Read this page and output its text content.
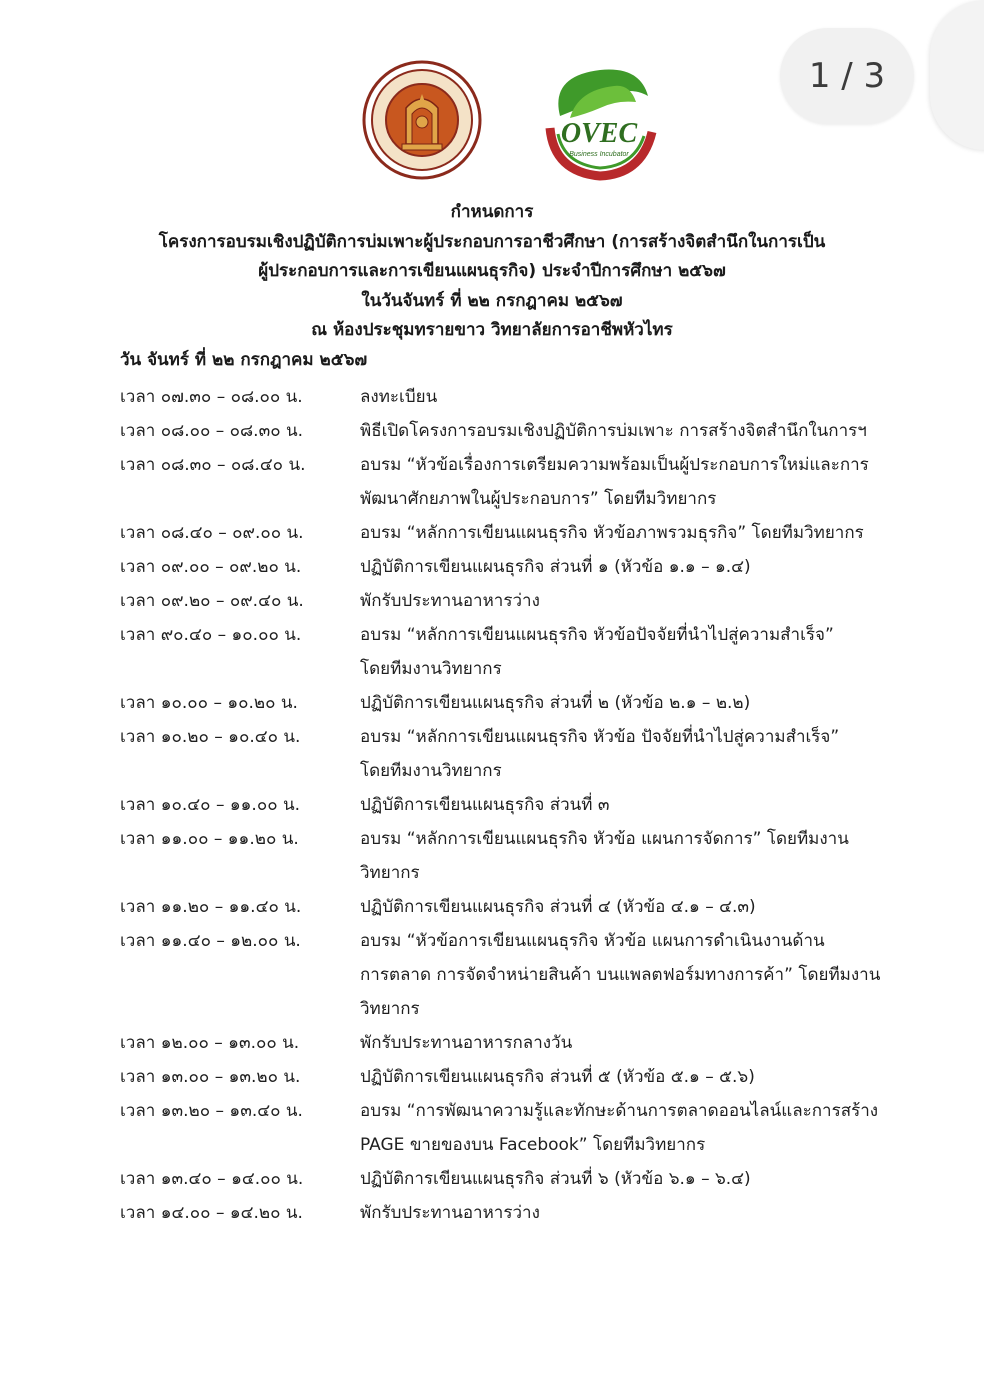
1 / 3
OVEC
Business Incubator
กำหนดการ
โครงการอบรมเชิงปฏิบัติการบ่มเพาะผู้ประกอบการอาชีวศึกษา (การสร้างจิตสำนึกในการเป็น
ผู้ประกอบการและการเขียนแผนธุรกิจ) ประจำปีการศึกษา ๒๕๖๗
ในวันจันทร์ ที่ ๒๒ กรกฎาคม ๒๕๖๗
ณ ห้องประชุมทรายขาว วิทยาลัยการอาชีพหัวไทร
วัน จันทร์ ที่ ๒๒ กรกฎาคม ๒๕๖๗
เวลา ๐๗.๓๐ – ๐๘.๐๐ น.	ลงทะเบียน
เวลา ๐๘.๐๐ – ๐๘.๓๐ น.	พิธีเปิดโครงการอบรมเชิงปฏิบัติการบ่มเพาะ การสร้างจิตสำนึกในการฯ
เวลา ๐๘.๓๐ – ๐๘.๔๐ น.	อบรม “หัวข้อเรื่องการเตรียมความพร้อมเป็นผู้ประกอบการใหม่และการ
พัฒนาศักยภาพในผู้ประกอบการ” โดยทีมวิทยากร
เวลา ๐๘.๔๐ – ๐๙.๐๐ น.	อบรม “หลักการเขียนแผนธุรกิจ หัวข้อภาพรวมธุรกิจ” โดยทีมวิทยากร
เวลา ๐๙.๐๐ – ๐๙.๒๐ น.	ปฏิบัติการเขียนแผนธุรกิจ ส่วนที่ ๑ (หัวข้อ ๑.๑ – ๑.๔)
เวลา ๐๙.๒๐ – ๐๙.๔๐ น.	พักรับประทานอาหารว่าง
เวลา ๙๐.๔๐ – ๑๐.๐๐ น.	อบรม “หลักการเขียนแผนธุรกิจ หัวข้อปัจจัยที่นำไปสู่ความสำเร็จ”
โดยทีมงานวิทยากร
เวลา ๑๐.๐๐ – ๑๐.๒๐ น.	ปฏิบัติการเขียนแผนธุรกิจ ส่วนที่ ๒ (หัวข้อ ๒.๑ – ๒.๒)
เวลา ๑๐.๒๐ – ๑๐.๔๐ น.	อบรม “หลักการเขียนแผนธุรกิจ หัวข้อ ปัจจัยที่นำไปสู่ความสำเร็จ”
โดยทีมงานวิทยากร
เวลา ๑๐.๔๐ – ๑๑.๐๐ น.	ปฏิบัติการเขียนแผนธุรกิจ ส่วนที่ ๓
เวลา ๑๑.๐๐ – ๑๑.๒๐ น.	อบรม “หลักการเขียนแผนธุรกิจ หัวข้อ แผนการจัดการ” โดยทีมงาน
วิทยากร
เวลา ๑๑.๒๐ – ๑๑.๔๐ น.	ปฏิบัติการเขียนแผนธุรกิจ ส่วนที่ ๔ (หัวข้อ ๔.๑ – ๔.๓)
เวลา ๑๑.๔๐ – ๑๒.๐๐ น.	อบรม “หัวข้อการเขียนแผนธุรกิจ หัวข้อ แผนการดำเนินงานด้าน
การตลาด การจัดจำหน่ายสินค้า บนแพลตฟอร์มทางการค้า” โดยทีมงาน
วิทยากร
เวลา ๑๒.๐๐ – ๑๓.๐๐ น.	พักรับประทานอาหารกลางวัน
เวลา ๑๓.๐๐ – ๑๓.๒๐ น.	ปฏิบัติการเขียนแผนธุรกิจ ส่วนที่ ๕ (หัวข้อ ๕.๑ – ๕.๖)
เวลา ๑๓.๒๐ – ๑๓.๔๐ น.	อบรม “การพัฒนาความรู้และทักษะด้านการตลาดออนไลน์และการสร้าง
PAGE ขายของบน Facebook” โดยทีมวิทยากร
เวลา ๑๓.๔๐ – ๑๔.๐๐ น.	ปฏิบัติการเขียนแผนธุรกิจ ส่วนที่ ๖ (หัวข้อ ๖.๑ – ๖.๔)
เวลา ๑๔.๐๐ – ๑๔.๒๐ น.	พักรับประทานอาหารว่าง
